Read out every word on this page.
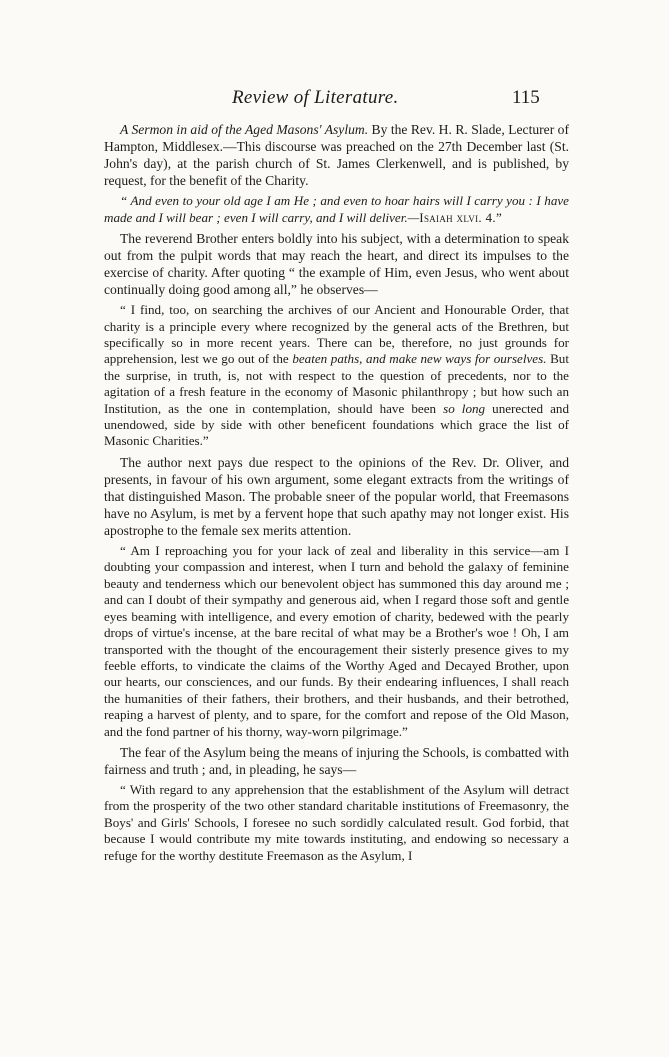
Review of Literature.	115

A Sermon in aid of the Aged Masons' Asylum. By the Rev. H. R. Slade, Lecturer of Hampton, Middlesex.—This discourse was preached on the 27th December last (St. John's day), at the parish church of St. James Clerkenwell, and is published, by request, for the benefit of the Charity.

“ And even to your old age I am He ; and even to hoar hairs will I carry you : I have made and I will bear ; even I will carry, and I will deliver.—Isaiah xlvi. 4.”

The reverend Brother enters boldly into his subject, with a determination to speak out from the pulpit words that may reach the heart, and direct its impulses to the exercise of charity. After quoting “ the example of Him, even Jesus, who went about continually doing good among all,” he observes—

“ I find, too, on searching the archives of our Ancient and Honourable Order, that charity is a principle every where recognized by the general acts of the Brethren, but specifically so in more recent years. There can be, therefore, no just grounds for apprehension, lest we go out of the beaten paths, and make new ways for ourselves. But the surprise, in truth, is, not with respect to the question of precedents, nor to the agitation of a fresh feature in the economy of Masonic philanthropy ; but how such an Institution, as the one in contemplation, should have been so long unerected and unendowed, side by side with other beneficent foundations which grace the list of Masonic Charities.”

The author next pays due respect to the opinions of the Rev. Dr. Oliver, and presents, in favour of his own argument, some elegant extracts from the writings of that distinguished Mason. The probable sneer of the popular world, that Freemasons have no Asylum, is met by a fervent hope that such apathy may not longer exist. His apostrophe to the female sex merits attention.

“ Am I reproaching you for your lack of zeal and liberality in this service—am I doubting your compassion and interest, when I turn and behold the galaxy of feminine beauty and tenderness which our benevolent object has summoned this day around me ; and can I doubt of their sympathy and generous aid, when I regard those soft and gentle eyes beaming with intelligence, and every emotion of charity, bedewed with the pearly drops of virtue's incense, at the bare recital of what may be a Brother's woe ! Oh, I am transported with the thought of the encouragement their sisterly presence gives to my feeble efforts, to vindicate the claims of the Worthy Aged and Decayed Brother, upon our hearts, our consciences, and our funds. By their endearing influences, I shall reach the humanities of their fathers, their brothers, and their husbands, and their betrothed, reaping a harvest of plenty, and to spare, for the comfort and repose of the Old Mason, and the fond partner of his thorny, way-worn pilgrimage.”

The fear of the Asylum being the means of injuring the Schools, is combatted with fairness and truth ; and, in pleading, he says—

“ With regard to any apprehension that the establishment of the Asylum will detract from the prosperity of the two other standard charitable institutions of Freemasonry, the Boys' and Girls' Schools, I foresee no such sordidly calculated result. God forbid, that because I would contribute my mite towards instituting, and endowing so necessary a refuge for the worthy destitute Freemason as the Asylum, I
